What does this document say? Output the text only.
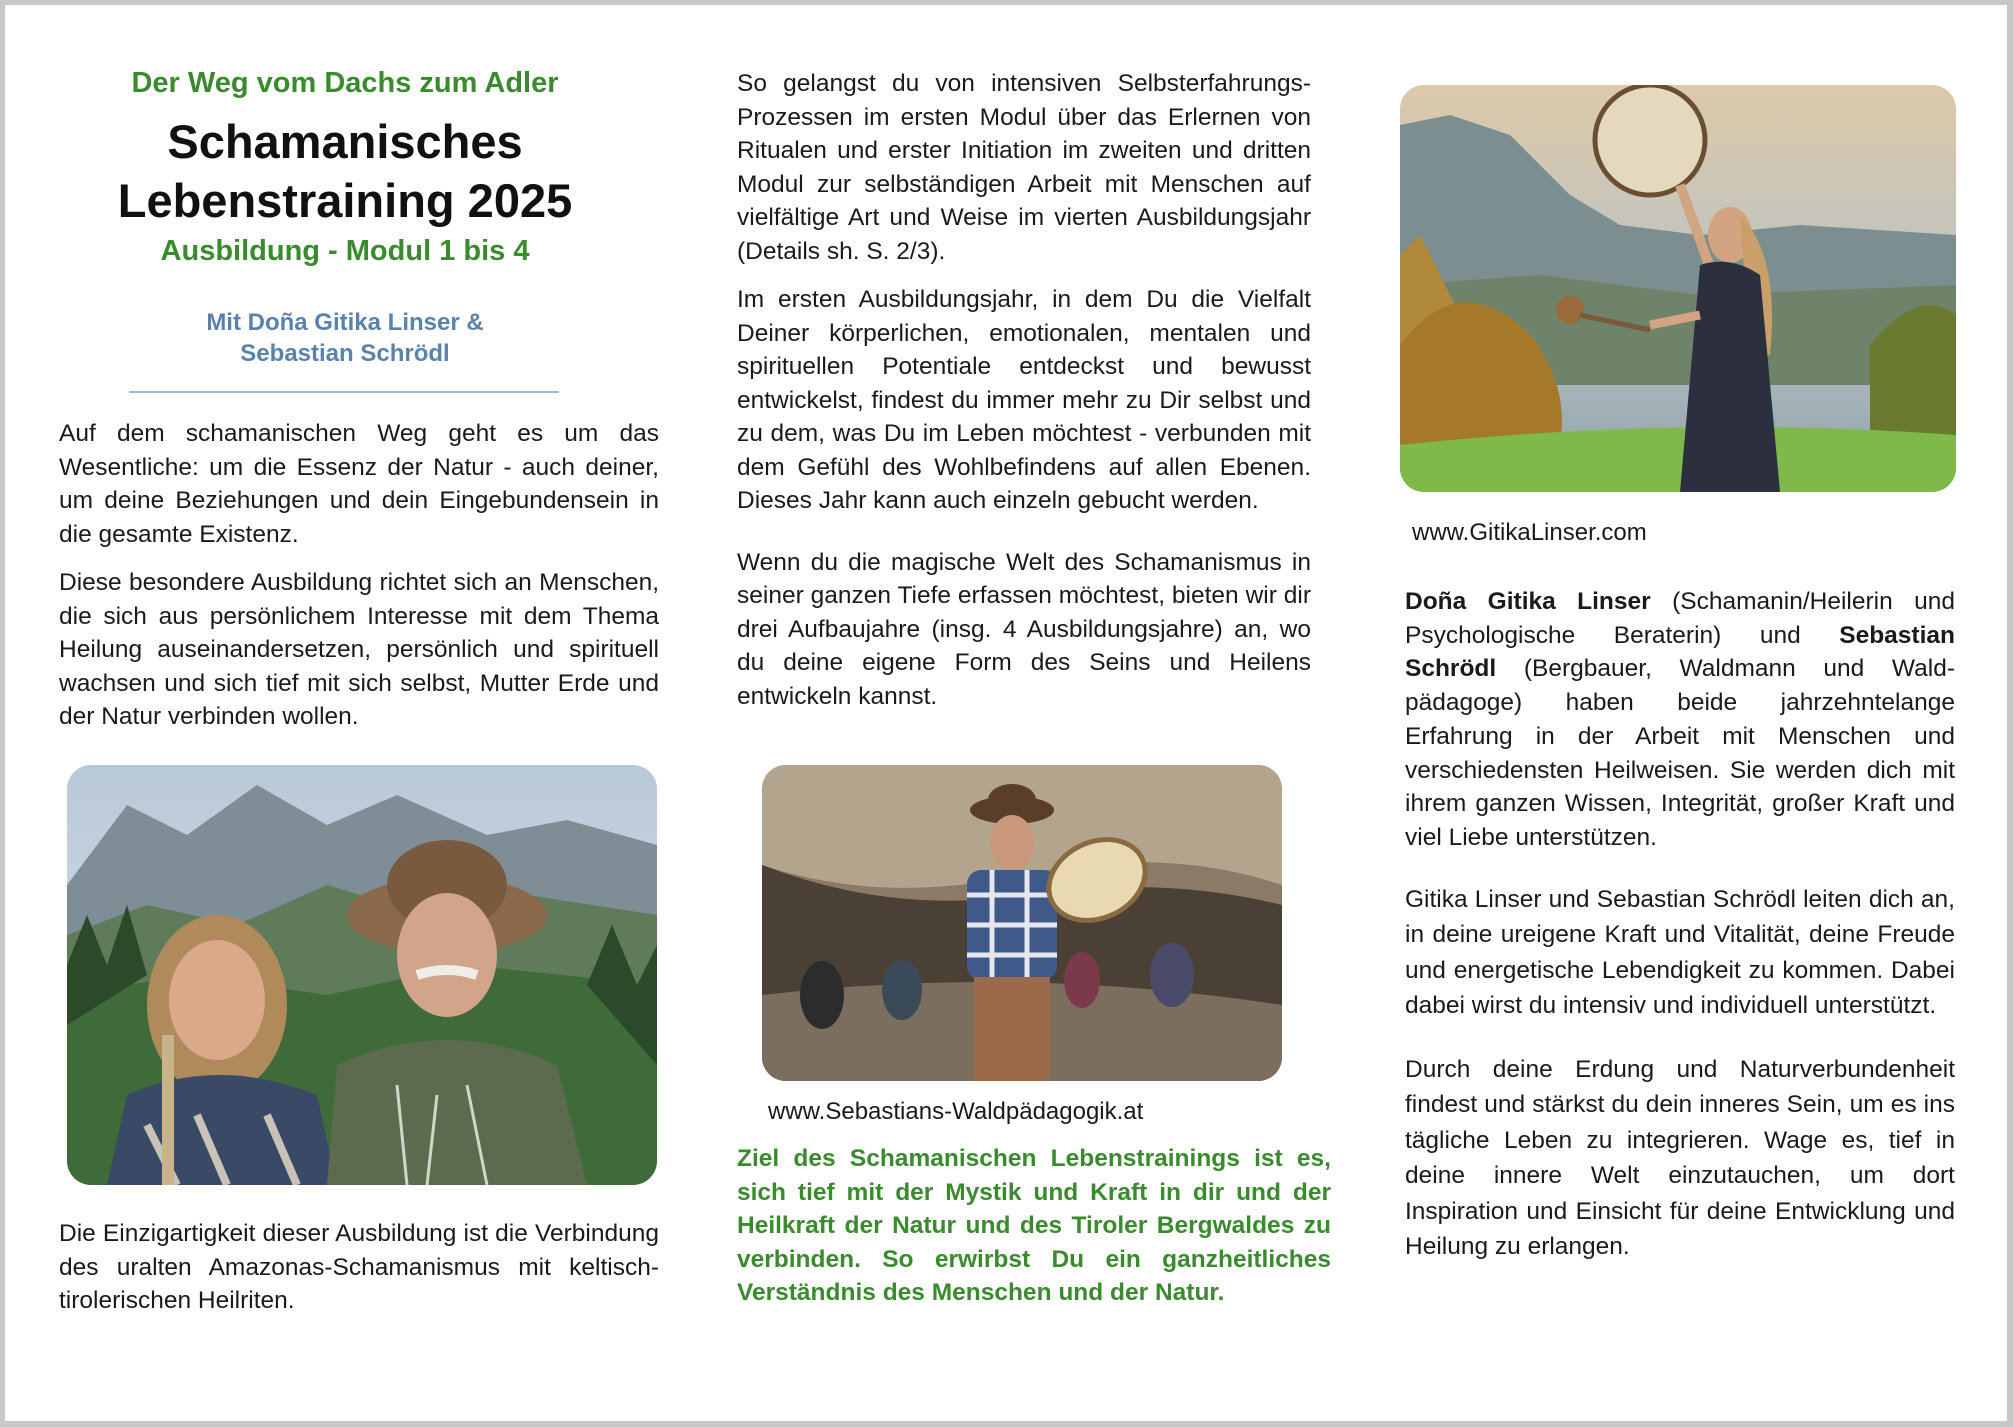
Der Weg vom Dachs zum Adler
Schamanisches
Lebenstraining 2025
Ausbildung - Modul 1 bis 4
Mit Doña Gitika Linser &
Sebastian Schrödl

Auf dem schamanischen Weg geht es um das Wesentliche: um die Essenz der Natur - auch deiner, um deine Beziehungen und dein Eingebundensein in die gesamte Existenz.

Diese besondere Ausbildung richtet sich an Menschen, die sich aus persönlichem Interesse mit dem Thema Heilung auseinandersetzen, persönlich und spirituell wachsen und sich tief mit sich selbst, Mutter Erde und der Natur verbinden wollen.

Die Einzigartigkeit dieser Ausbildung ist die Verbindung des uralten Amazonas-Schamanismus mit keltisch-tirolerischen Heilriten.

So gelangst du von intensiven Selbsterfahrungs-Prozessen im ersten Modul über das Erlernen von Ritualen und erster Initiation im zweiten und dritten Modul zur selbständigen Arbeit mit Menschen auf vielfältige Art und Weise im vierten Ausbildungsjahr (Details sh. S. 2/3).

Im ersten Ausbildungsjahr, in dem Du die Vielfalt Deiner körperlichen, emotionalen, mentalen und spirituellen Potentiale entdeckst und bewusst entwickelst, findest du immer mehr zu Dir selbst und zu dem, was Du im Leben möchtest - verbunden mit dem Gefühl des Wohlbefindens auf allen Ebenen. Dieses Jahr kann auch einzeln gebucht werden.

Wenn du die magische Welt des Schamanismus in seiner ganzen Tiefe erfassen möchtest, bieten wir dir drei Aufbaujahre (insg. 4 Ausbildungsjahre) an, wo du deine eigene Form des Seins und Heilens entwickeln kannst.

www.Sebastians-Waldpädagogik.at
Ziel des Schamanischen Lebenstrainings ist es, sich tief mit der Mystik und Kraft in dir und der Heilkraft der Natur und des Tiroler Bergwaldes zu verbinden. So erwirbst Du ein ganzheitliches Verständnis des Menschen und der Natur.
www.GitikaLinser.com

Doña Gitika Linser (Schamanin/Heilerin und Psychologische Beraterin) und Sebastian Schrödl (Bergbauer, Waldmann und Wald-pädagoge) haben beide jahrzehntelange Erfahrung in der Arbeit mit Menschen und verschiedensten Heilweisen. Sie werden dich mit ihrem ganzen Wissen, Integrität, großer Kraft und viel Liebe unterstützen.

Gitika Linser und Sebastian Schrödl leiten dich an, in deine ureigene Kraft und Vitalität, deine Freude und energetische Lebendigkeit zu kommen. Dabei dabei wirst du intensiv und individuell unterstützt.

Durch deine Erdung und Naturverbundenheit findest und stärkst du dein inneres Sein, um es ins tägliche Leben zu integrieren. Wage es, tief in deine innere Welt einzutauchen, um dort Inspiration und Einsicht für deine Entwicklung und Heilung zu erlangen.
